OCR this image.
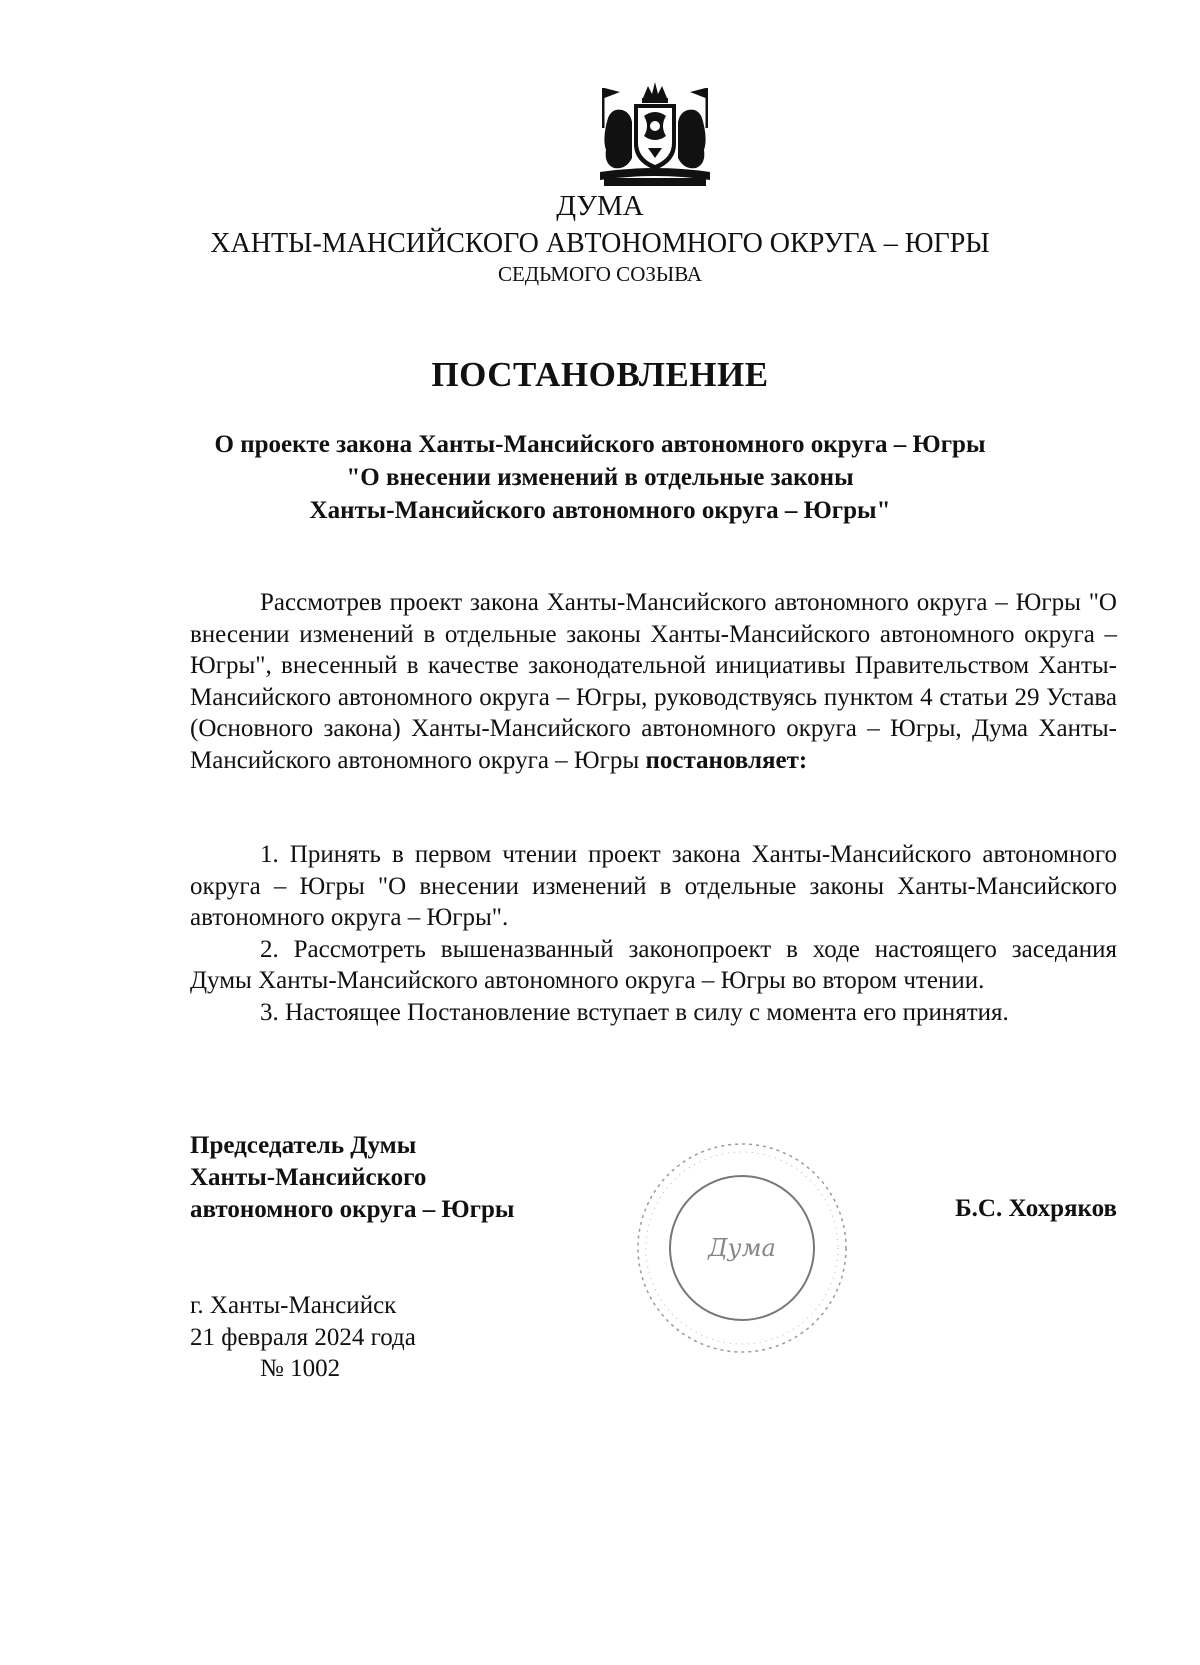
ДУМА
ХАНТЫ-МАНСИЙСКОГО АВТОНОМНОГО ОКРУГА – ЮГРЫ
СЕДЬМОГО СОЗЫВА
ПОСТАНОВЛЕНИЕ
О проекте закона Ханты-Мансийского автономного округа – Югры
"О внесении изменений в отдельные законы
Ханты-Мансийского автономного округа – Югры"
Рассмотрев проект закона Ханты-Мансийского автономного округа – Югры "О внесении изменений в отдельные законы Ханты-Мансийского автономного округа – Югры", внесенный в качестве законодательной инициативы Правительством Ханты-Мансийского автономного округа – Югры, руководствуясь пунктом 4 статьи 29 Устава (Основного закона) Ханты-Мансийского автономного округа – Югры, Дума Ханты-Мансийского автономного округа – Югры постановляет:

1. Принять в первом чтении проект закона Ханты-Мансийского автономного округа – Югры "О внесении изменений в отдельные законы Ханты-Мансийского автономного округа – Югры".

2. Рассмотреть вышеназванный законопроект в ходе настоящего заседания Думы Ханты-Мансийского автономного округа – Югры во втором чтении.

3. Настоящее Постановление вступает в силу с момента его принятия.

Председатель Думы
Ханты-Мансийского
автономного округа – Югры
Дума
Б.С. Хохряков
г. Ханты-Мансийск
21 февраля 2024 года
№ 1002
